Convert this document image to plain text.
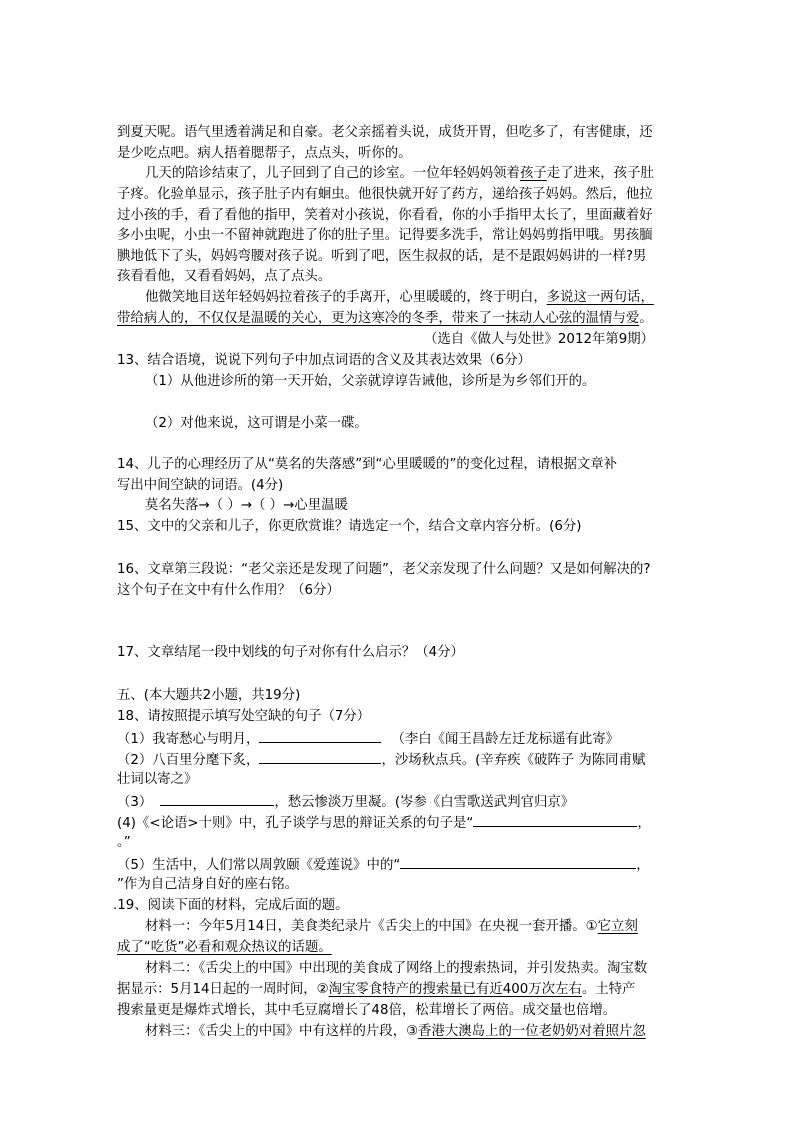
到夏天呢。语气里透着满足和自豪。老父亲摇着头说，成货开胃，但吃多了，有害健康，还
是少吃点吧。病人捂着腮帮子，点点头，听你的。
几天的陪诊结束了，儿子回到了自己的诊室。一位年轻妈妈领着孩子走了进来，孩子肚
子疼。化验单显示，孩子肚子内有蛔虫。他很快就开好了药方，递给孩子妈妈。然后，他拉
过小孩的手，看了看他的指甲，笑着对小孩说，你看看，你的小手指甲太长了，里面藏着好
多小虫呢，小虫一不留神就跑进了你的肚子里。记得要多洗手，常让妈妈剪指甲哦。男孩腼
腆地低下了头，妈妈弯腰对孩子说。听到了吧，医生叔叔的话，是不是跟妈妈讲的一样?男
孩看看他，又看看妈妈，点了点头。
他微笑地目送年轻妈妈拉着孩子的手离开，心里暖暖的，终于明白，多说这一两句话，
带给病人的，不仅仅是温暖的关心，更为这寒冷的冬季，带来了一抹动人心弦的温情与爱。
（选自《做人与处世》2012年第9期）
13、结合语境，说说下列句子中加点词语的含义及其表达效果（6分）
（1）从他进诊所的第一天开始，父亲就谆谆告诫他，诊所是为乡邻们开的。
（2）对他来说，这可谓是小菜一碟。
14、儿子的心理经历了从“莫名的失落感”到“心里暖暖的”的变化过程，请根据文章补
写出中间空缺的词语。(4分)
莫名失落→（ ）→（ ）→心里温暖
15、文中的父亲和儿子，你更欣赏谁？请选定一个，结合文章内容分析。(6分)
16、文章第三段说：“老父亲还是发现了问题”，老父亲发现了什么问题？又是如何解决的?
这个句子在文中有什么作用？（6分）
17、文章结尾一段中划线的句子对你有什么启示？（4分）
五、(本大题共2小题，共19分)
18、请按照提示填写处空缺的句子（7分）
（1）我寄愁心与明月，	（李白《闻王昌龄左迁龙标遥有此寄》
（2）八百里分麾下炙，	，沙场秋点兵。(辛弃疾《破阵子 为陈同甫赋
壮词以寄之》
（3）	，愁云惨淡万里凝。(岑参《白雪歌送武判官归京》
(4)《<论语>十则》中，孔子谈学与思的辩证关系的句子是“	，
。”
（5）生活中，人们常以周敦颐《爱莲说》中的“	，
”作为自己洁身自好的座右铭。
.19、阅读下面的材料，完成后面的题。
材料一：今年5月14日，美食类纪录片《舌尖上的中国》在央视一套开播。①它立刻
成了“吃货”必看和观众热议的话题。
材料二：《舌尖上的中国》中出现的美食成了网络上的搜索热词，并引发热卖。淘宝数
据显示：5月14日起的一周时间，②淘宝零食特产的搜索量已有近400万次左右。土特产
搜索量更是爆炸式增长，其中毛豆腐增长了48倍，松茸增长了两倍。成交量也倍增。
材料三：《舌尖上的中国》中有这样的片段，③香港大澳岛上的一位老奶奶对着照片忽
